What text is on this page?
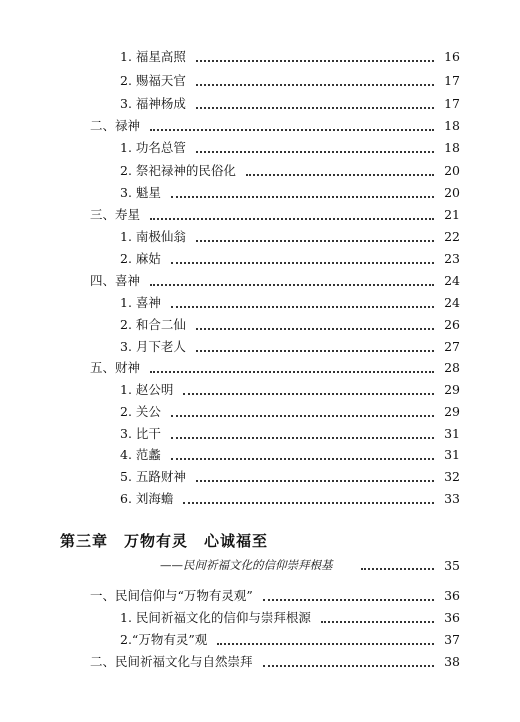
1. 福星高照	16
2. 赐福天官	17
3. 福神杨成	17
二、禄神	18
1. 功名总管	18
2. 祭祀禄神的民俗化	20
3. 魁星	20
三、寿星	21
1. 南极仙翁	22
2. 麻姑	23
四、喜神	24
1. 喜神	24
2. 和合二仙	26
3. 月下老人	27
五、财神	28
1. 赵公明	29
2. 关公	29
3. 比干	31
4. 范蠡	31
5. 五路财神	32
6. 刘海蟾	33
第三章　万物有灵　心诚福至
——民间祈福文化的信仰崇拜根基	35
一、民间信仰与“万物有灵观”	36
1. 民间祈福文化的信仰与崇拜根源	36
2.“万物有灵”观	37
二、民间祈福文化与自然崇拜	38
